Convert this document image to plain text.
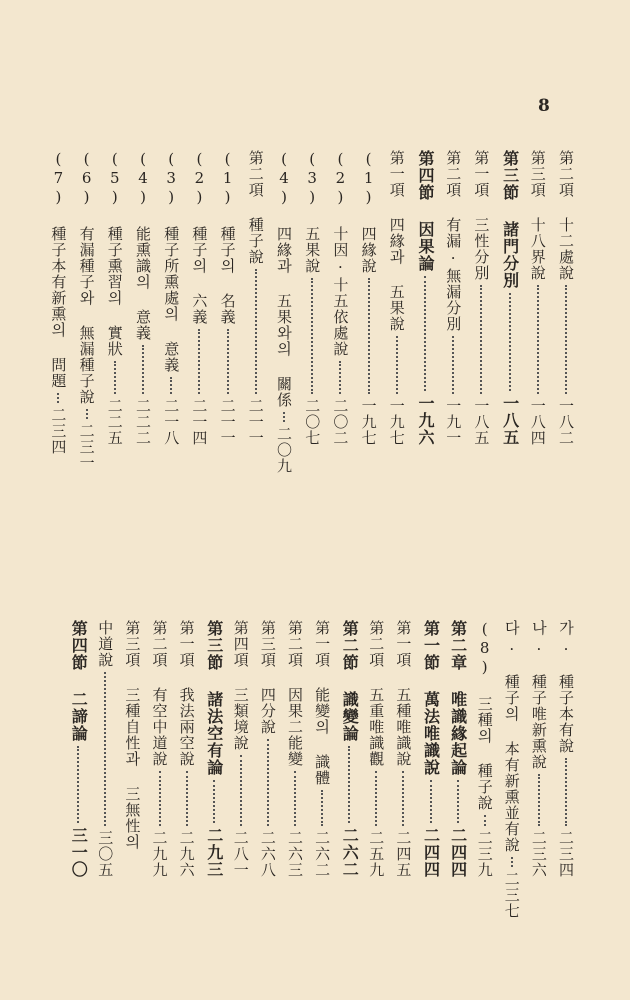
8
第二項 十二處說一八二
第三項 十八界說一八四
第三節 諸門分別一八五
第一項 三性分別一八五
第二項 有漏·無漏分別一九一
第四節 因果論一九六
第一項 四緣과 五果說一九七
(1) 四緣說一九七
(2) 十因·十五依處說二〇二
(3) 五果說二〇七
(4) 四緣과 五果와의 關係二〇九
第二項 種子說二一一
(1) 種子의 名義二一一
(2) 種子의 六義二一四
(3) 種子所熏處의 意義二一八
(4) 能熏識의 意義二二二
(5) 種子熏習의 實狀二二五
(6) 有漏種子와 無漏種子說二三一
(7) 種子本有新熏의 問題二三四
가. 種子本有說二三四
나. 種子唯新熏說二三六
다. 種子의 本有新熏並有說二三七
(8) 三種의 種子說二三九
第二章 唯識緣起論二四四
第一節 萬法唯識說二四四
第一項 五種唯識說二四五
第二項 五重唯識觀二五九
第二節 識變論二六二
第一項 能變의 識體二六二
第二項 因果二能變二六三
第三項 四分說二六八
第四項 三類境說二八一
第三節 諸法空有論二九三
第一項 我法兩空說二九六
第二項 有空中道說二九九
第三項 三種自性과 三無性의
中道說三〇五
第四節 二諦論三一〇
